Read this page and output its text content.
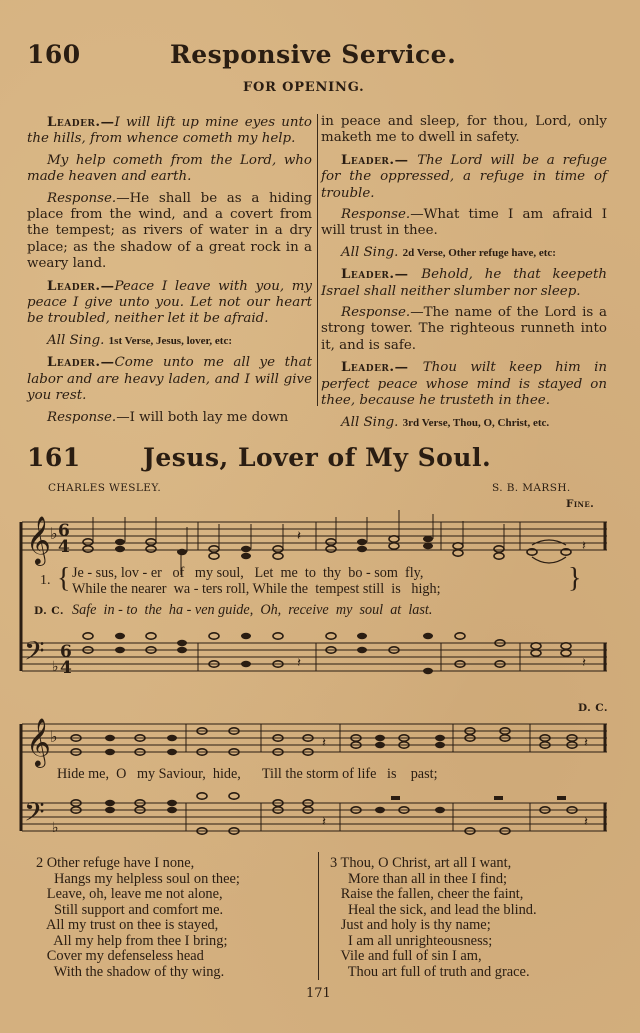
160	Responsive Service.
FOR OPENING.

Leader.—I will lift up mine eyes unto the hills, from whence cometh my help.

My help cometh from the Lord, who made heaven and earth.

Response.—He shall be as a hiding place from the wind, and a covert from the tempest; as rivers of water in a dry place; as the shadow of a great rock in a weary land.

Leader.—Peace I leave with you, my peace I give unto you. Let not our heart be troubled, neither let it be afraid.

All Sing. 1st Verse, Jesus, lover, etc:

Leader.—Come unto me all ye that labor and are heavy laden, and I will give you rest.

Response.—I will both lay me down

in peace and sleep, for thou, Lord, only maketh me to dwell in safety.

Leader.— The Lord will be a refuge for the oppressed, a refuge in time of trouble.

Response.—What time I am afraid I will trust in thee.

All Sing. 2d Verse, Other refuge have, etc:

Leader.— Behold, he that keepeth Israel shall neither slumber nor sleep.

Response.—The name of the Lord is a strong tower. The righteous runneth into it, and is safe.

Leader.— Thou wilt keep him in perfect peace whose mind is stayed on thee, because he trusteth in thee.

All Sing. 3rd Verse, Thou, O, Christ, etc.

161 Jesus, Lover of My Soul.
CHARLES WESLEY.	S. B. MARSH.
Fine.
𝄞 ♭ 6
4
𝄢 6
♭ 4
𝄽
𝄽
𝄽
𝄽
1. { Je - sus, lov - er   of   my soul,   Let  me  to  thy  bo - som  fly,
While the nearer  wa - ters roll, While the  tempest still  is   high;	}
D. C. Safe  in - to  the  ha - ven guide,  Oh,  receive  my  soul  at  last.
D. C.
𝄞 ♭
𝄢 ♭
𝄽	𝄽
𝄽	𝄽
Hide me,  O   my Saviour,  hide,      Till the storm of life   is    past;
2 Other refuge have I none,
Hangs my helpless soul on thee;
Leave, oh, leave me not alone,
Still support and comfort me.
All my trust on thee is stayed,
All my help from thee I bring;
Cover my defenseless head
With the shadow of thy wing.
3 Thou, O Christ, art all I want,
More than all in thee I find;
Raise the fallen, cheer the faint,
Heal the sick, and lead the blind.
Just and holy is thy name;
I am all unrighteousness;
Vile and full of sin I am,
Thou art full of truth and grace.
171
